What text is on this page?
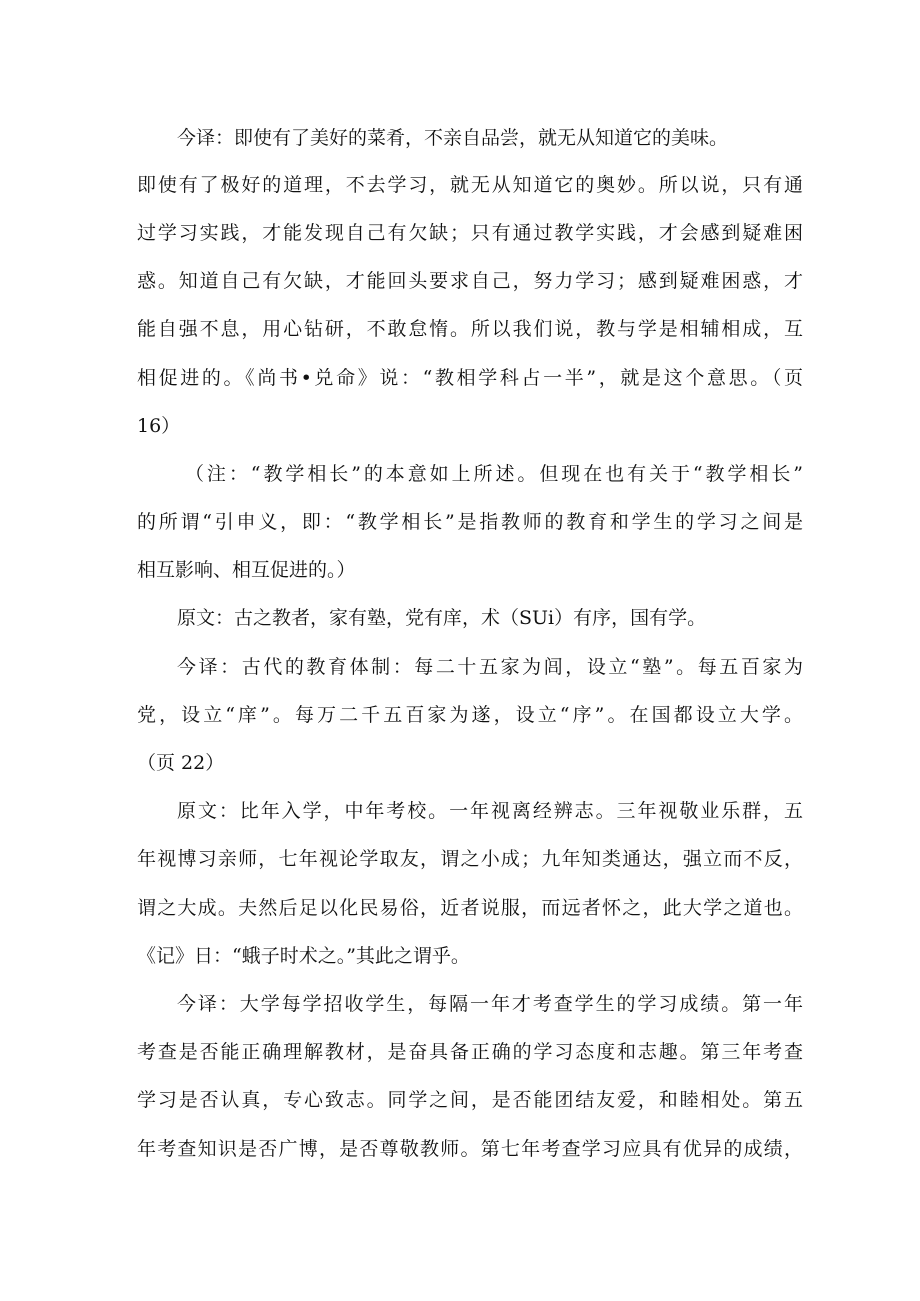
今译：即使有了美好的菜肴，不亲自品尝，就无从知道它的美味。
即使有了极好的道理，不去学习，就无从知道它的奥妙。所以说，只有通
过学习实践，才能发现自己有欠缺；只有通过教学实践，才会感到疑难困
惑。知道自己有欠缺，才能回头要求自己，努力学习；感到疑难困惑，才
能自强不息，用心钻研，不敢怠惰。所以我们说，教与学是相辅相成，互
相促进的。《尚书•兑命》说：“教相学科占一半”，就是这个意思。（页
16）
（注：“教学相长”的本意如上所述。但现在也有关于“教学相长”
的所谓“引申义，即：“教学相长”是指教师的教育和学生的学习之间是
相互影响、相互促进的。）
原文：古之教者，家有塾，党有庠，术（SUi）有序，国有学。
今译：古代的教育体制：每二十五家为闾，设立“塾”。每五百家为
党，设立“庠”。每万二千五百家为遂，设立“序”。在国都设立大学。
（页 22）
原文：比年入学，中年考校。一年视离经辨志。三年视敬业乐群，五
年视博习亲师，七年视论学取友，谓之小成；九年知类通达，强立而不反，
谓之大成。夫然后足以化民易俗，近者说服，而远者怀之，此大学之道也。
《记》日：“蛾子时术之。”其此之谓乎。
今译：大学每学招收学生，每隔一年才考查学生的学习成绩。第一年
考查是否能正确理解教材，是奋具备正确的学习态度和志趣。第三年考查
学习是否认真，专心致志。同学之间，是否能团结友爱，和睦相处。第五
年考查知识是否广博，是否尊敬教师。第七年考查学习应具有优异的成绩，
